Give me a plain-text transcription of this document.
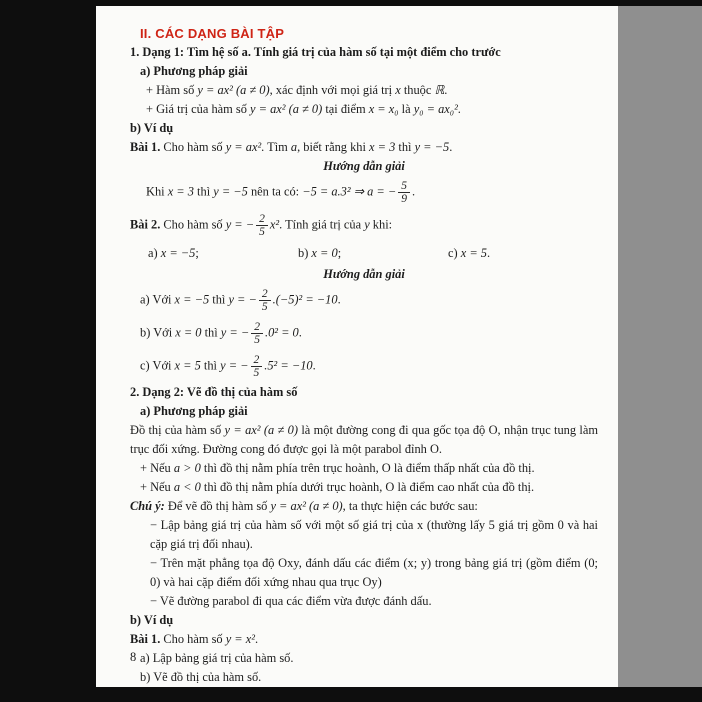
II. CÁC DẠNG BÀI TẬP

1. Dạng 1: Tìm hệ số a. Tính giá trị của hàm số tại một điểm cho trước

a) Phương pháp giải

+ Hàm số y = ax² (a ≠ 0), xác định với mọi giá trị x thuộc ℝ.

+ Giá trị của hàm số y = ax² (a ≠ 0) tại điểm x = x₀ là y₀ = ax₀².

b) Ví dụ

Bài 1. Cho hàm số y = ax². Tìm a, biết rằng khi x = 3 thì y = −5.

Hướng dẫn giải

Khi x = 3 thì y = −5 nên ta có: −5 = a.3² ⇒ a = − $\frac{5}{9}$ .

Bài 2. Cho hàm số y = − $\frac{2}{5} x^2$. Tính giá trị của y khi:

a) x = −5;	b) x = 0;	c) x = 5.

Hướng dẫn giải

a) Với x = −5 thì y = − $\frac{2}{5} .(-5)^2 = -10$.

b) Với x = 0 thì y = − $\frac{2}{5} .0^2 = 0$.

c) Với x = 5 thì y = − $\frac{2}{5} .5^2 = -10$.

2. Dạng 2: Vẽ đồ thị của hàm số

a) Phương pháp giải

Đồ thị của hàm số y = ax² (a ≠ 0) là một đường cong đi qua gốc tọa độ O, nhận trục tung làm trục đối xứng. Đường cong đó được gọi là một parabol đỉnh O.

+ Nếu a > 0 thì đồ thị nằm phía trên trục hoành, O là điểm thấp nhất của đồ thị.

+ Nếu a < 0 thì đồ thị nằm phía dưới trục hoành, O là điểm cao nhất của đồ thị.

Chú ý: Để vẽ đồ thị hàm số y = ax² (a ≠ 0), ta thực hiện các bước sau:

− Lập bảng giá trị của hàm số với một số giá trị của x (thường lấy 5 giá trị gồm 0 và hai cặp giá trị đối nhau).

− Trên mặt phẳng tọa độ Oxy, đánh dấu các điểm (x; y) trong bảng giá trị (gồm điểm (0; 0) và hai cặp điểm đối xứng nhau qua trục Oy)

− Vẽ đường parabol đi qua các điểm vừa được đánh dấu.

b) Ví dụ

Bài 1. Cho hàm số y = x².

a) Lập bảng giá trị của hàm số.

b) Vẽ đồ thị của hàm số.

8
